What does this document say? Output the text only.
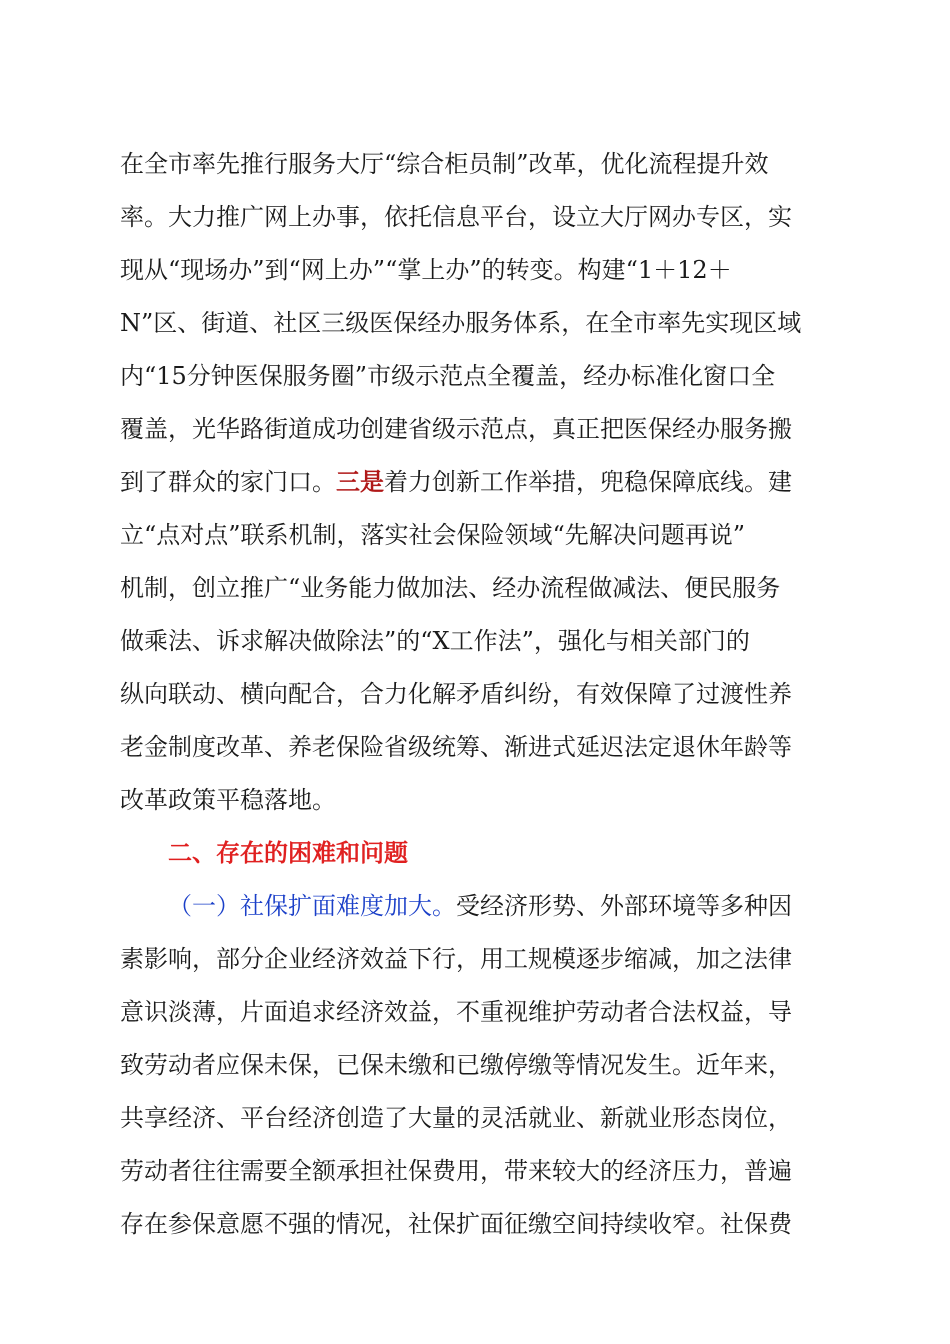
在全市率先推行服务大厅“综合柜员制”改革，优化流程提升效
率。大力推广网上办事，依托信息平台，设立大厅网办专区，实
现从“现场办”到“网上办”“掌上办”的转变。构建“1＋12＋
N”区、街道、社区三级医保经办服务体系，在全市率先实现区域
内“15分钟医保服务圈”市级示范点全覆盖，经办标准化窗口全
覆盖，光华路街道成功创建省级示范点，真正把医保经办服务搬
到了群众的家门口。三是着力创新工作举措，兜稳保障底线。建
立“点对点”联系机制，落实社会保险领域“先解决问题再说”
机制，创立推广“业务能力做加法、经办流程做减法、便民服务
做乘法、诉求解决做除法”的“X工作法”，强化与相关部门的
纵向联动、横向配合，合力化解矛盾纠纷，有效保障了过渡性养
老金制度改革、养老保险省级统筹、渐进式延迟法定退休年龄等
改革政策平稳落地。
二、存在的困难和问题
（一）社保扩面难度加大。受经济形势、外部环境等多种因
素影响，部分企业经济效益下行，用工规模逐步缩减，加之法律
意识淡薄，片面追求经济效益，不重视维护劳动者合法权益，导
致劳动者应保未保，已保未缴和已缴停缴等情况发生。近年来，
共享经济、平台经济创造了大量的灵活就业、新就业形态岗位，
劳动者往往需要全额承担社保费用，带来较大的经济压力，普遍
存在参保意愿不强的情况，社保扩面征缴空间持续收窄。社保费
